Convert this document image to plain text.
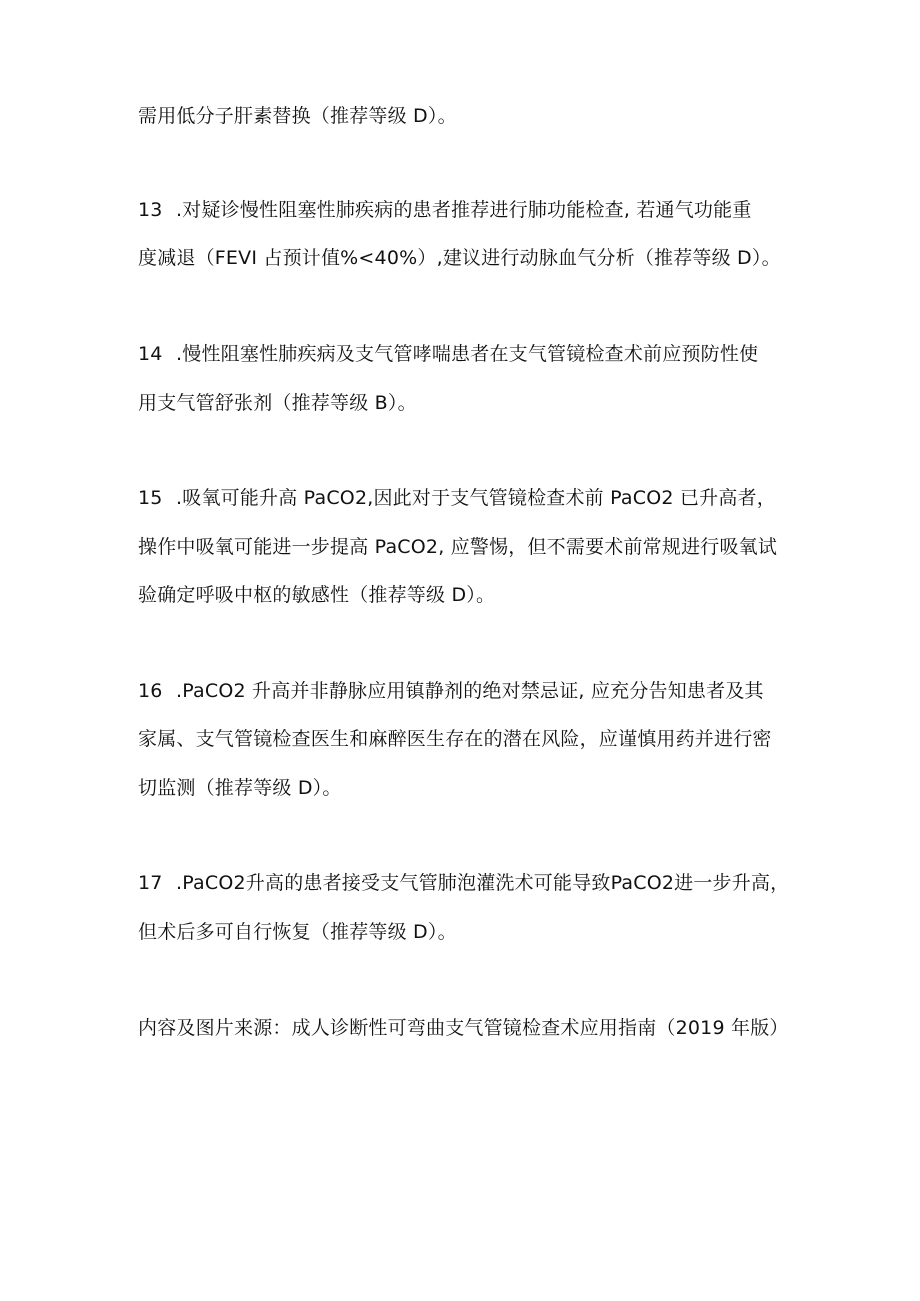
需用低分子肝素替换（推荐等级 D）。
13 .对疑诊慢性阻塞性肺疾病的患者推荐进行肺功能检查, 若通气功能重
度减退（FEVI 占预计值%<40%）,建议进行动脉血气分析（推荐等级 D）。
14 .慢性阻塞性肺疾病及支气管哮喘患者在支气管镜检查术前应预防性使
用支气管舒张剂（推荐等级 B）。
15 .吸氧可能升高 PaCO2,因此对于支气管镜检查术前 PaCO2 已升高者，
操作中吸氧可能进一步提高 PaCO2, 应警惕，但不需要术前常规进行吸氧试
验确定呼吸中枢的敏感性（推荐等级 D）。
16 .PaCO2 升高并非静脉应用镇静剂的绝对禁忌证, 应充分告知患者及其
家属、支气管镜检查医生和麻醉医生存在的潜在风险，应谨慎用药并进行密
切监测（推荐等级 D）。
17 .PaCO2升高的患者接受支气管肺泡灌洗术可能导致PaCO2进一步升高，
但术后多可自行恢复（推荐等级 D）。
内容及图片来源：成人诊断性可弯曲支气管镜检查术应用指南（2019 年版）
